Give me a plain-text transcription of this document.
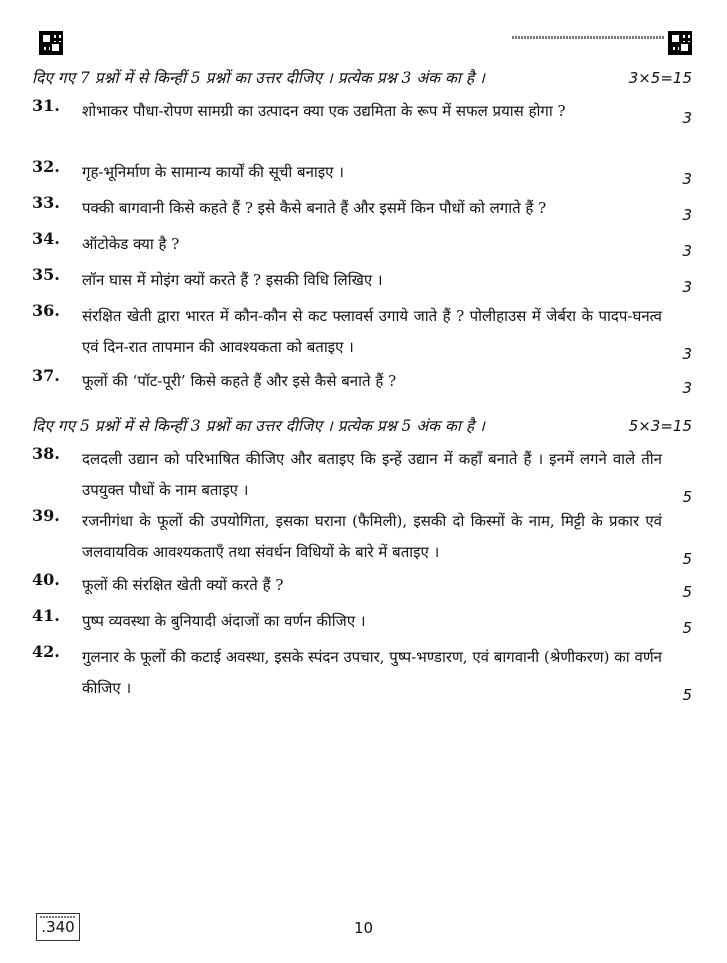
दिए गए 7 प्रश्नों में से किन्हीं 5 प्रश्नों का उत्तर दीजिए । प्रत्येक प्रश्न 3 अंक का है ।	3×5=15
31.	शोभाकर पौधा-रोपण सामग्री का उत्पादन क्या एक उद्यमिता के रूप में सफल प्रयास होगा ?	3
32.	गृह-भूनिर्माण के सामान्य कार्यों की सूची बनाइए ।	3
33.	पक्की बागवानी किसे कहते हैं ? इसे कैसे बनाते हैं और इसमें किन पौधों को लगाते हैं ?	3
34.	ऑटोकेड क्या है ?	3
35.	लॉन घास में मोइंग क्यों करते हैं ? इसकी विधि लिखिए ।	3
36.	संरक्षित खेती द्वारा भारत में कौन-कौन से कट फ्लावर्स उगाये जाते हैं ? पोलीहाउस में जेर्बरा के पादप-घनत्व एवं दिन-रात तापमान की आवश्यकता को बताइए ।	3
37.	फूलों की ‘पॉट-पूरी’ किसे कहते हैं और इसे कैसे बनाते हैं ?	3
दिए गए 5 प्रश्नों में से किन्हीं 3 प्रश्नों का उत्तर दीजिए । प्रत्येक प्रश्न 5 अंक का है ।	5×3=15
38.	दलदली उद्यान को परिभाषित कीजिए और बताइए कि इन्हें उद्यान में कहाँ बनाते हैं । इनमें लगने वाले तीन उपयुक्त पौधों के नाम बताइए ।	5
39.	रजनीगंधा के फूलों की उपयोगिता, इसका घराना (फैमिली), इसकी दो किस्मों के नाम, मिट्टी के प्रकार एवं जलवायविक आवश्यकताएँ तथा संवर्धन विधियों के बारे में बताइए ।	5
40.	फूलों की संरक्षित खेती क्यों करते हैं ?	5
41.	पुष्प व्यवस्था के बुनियादी अंदाजों का वर्णन कीजिए ।	5
42.	गुलनार के फूलों की कटाई अवस्था, इसके स्पंदन उपचार, पुष्प-भण्डारण, एवं बागवानी (श्रेणीकरण) का वर्णन कीजिए ।	5
.340	10
